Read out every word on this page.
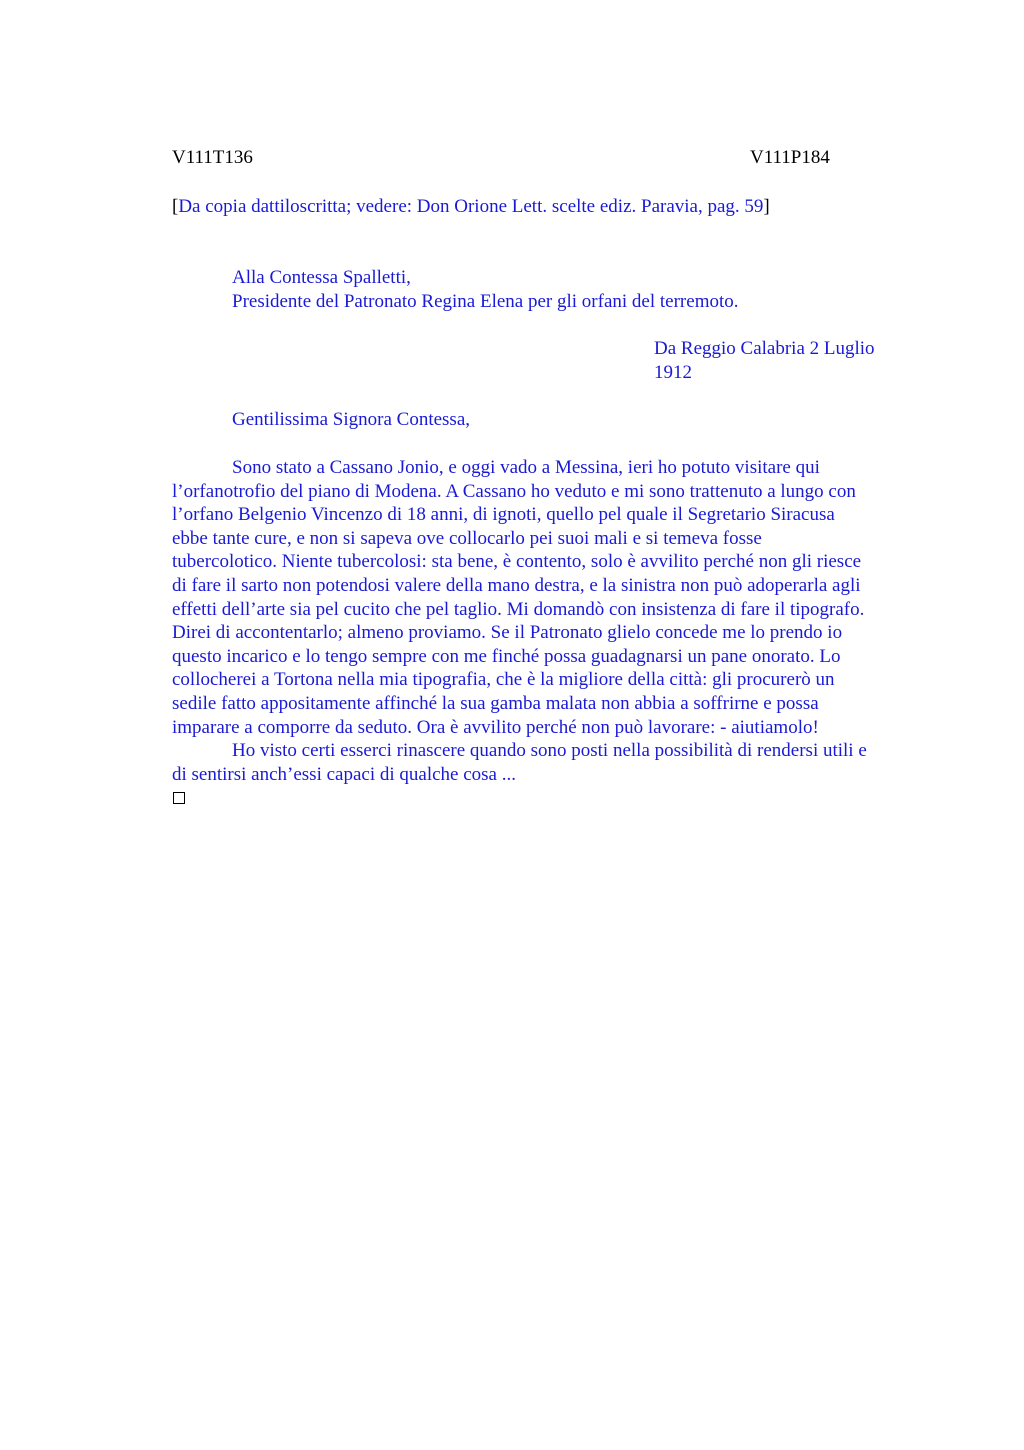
V111T136	V111P184
[Da copia dattiloscritta; vedere: Don Orione Lett. scelte ediz. Paravia, pag. 59]
Alla Contessa Spalletti,
Presidente del Patronato Regina Elena per gli orfani del terremoto.
Da Reggio Calabria 2 Luglio
1912
Gentilissima Signora Contessa,
Sono stato a Cassano Jonio, e oggi vado a Messina, ieri ho potuto visitare qui
l’orfanotrofio del piano di Modena. A Cassano ho veduto e mi sono trattenuto a lungo con
l’orfano Belgenio Vincenzo di 18 anni, di ignoti, quello pel quale il Segretario Siracusa
ebbe tante cure, e non si sapeva ove collocarlo pei suoi mali e si temeva fosse
tubercolotico. Niente tubercolosi: sta bene, è contento, solo è avvilito perché non gli riesce
di fare il sarto non potendosi valere della mano destra, e la sinistra non può adoperarla agli
effetti dell’arte sia pel cucito che pel taglio. Mi domandò con insistenza di fare il tipografo.
Direi di accontentarlo; almeno proviamo. Se il Patronato glielo concede me lo prendo io
questo incarico e lo tengo sempre con me finché possa guadagnarsi un pane onorato. Lo
collocherei a Tortona nella mia tipografia, che è la migliore della città: gli procurerò un
sedile fatto appositamente affinché la sua gamba malata non abbia a soffrirne e possa
imparare a comporre da seduto. Ora è avvilito perché non può lavorare: - aiutiamolo!
Ho visto certi esserci rinascere quando sono posti nella possibilità di rendersi utili e
di sentirsi anch’essi capaci di qualche cosa ...
